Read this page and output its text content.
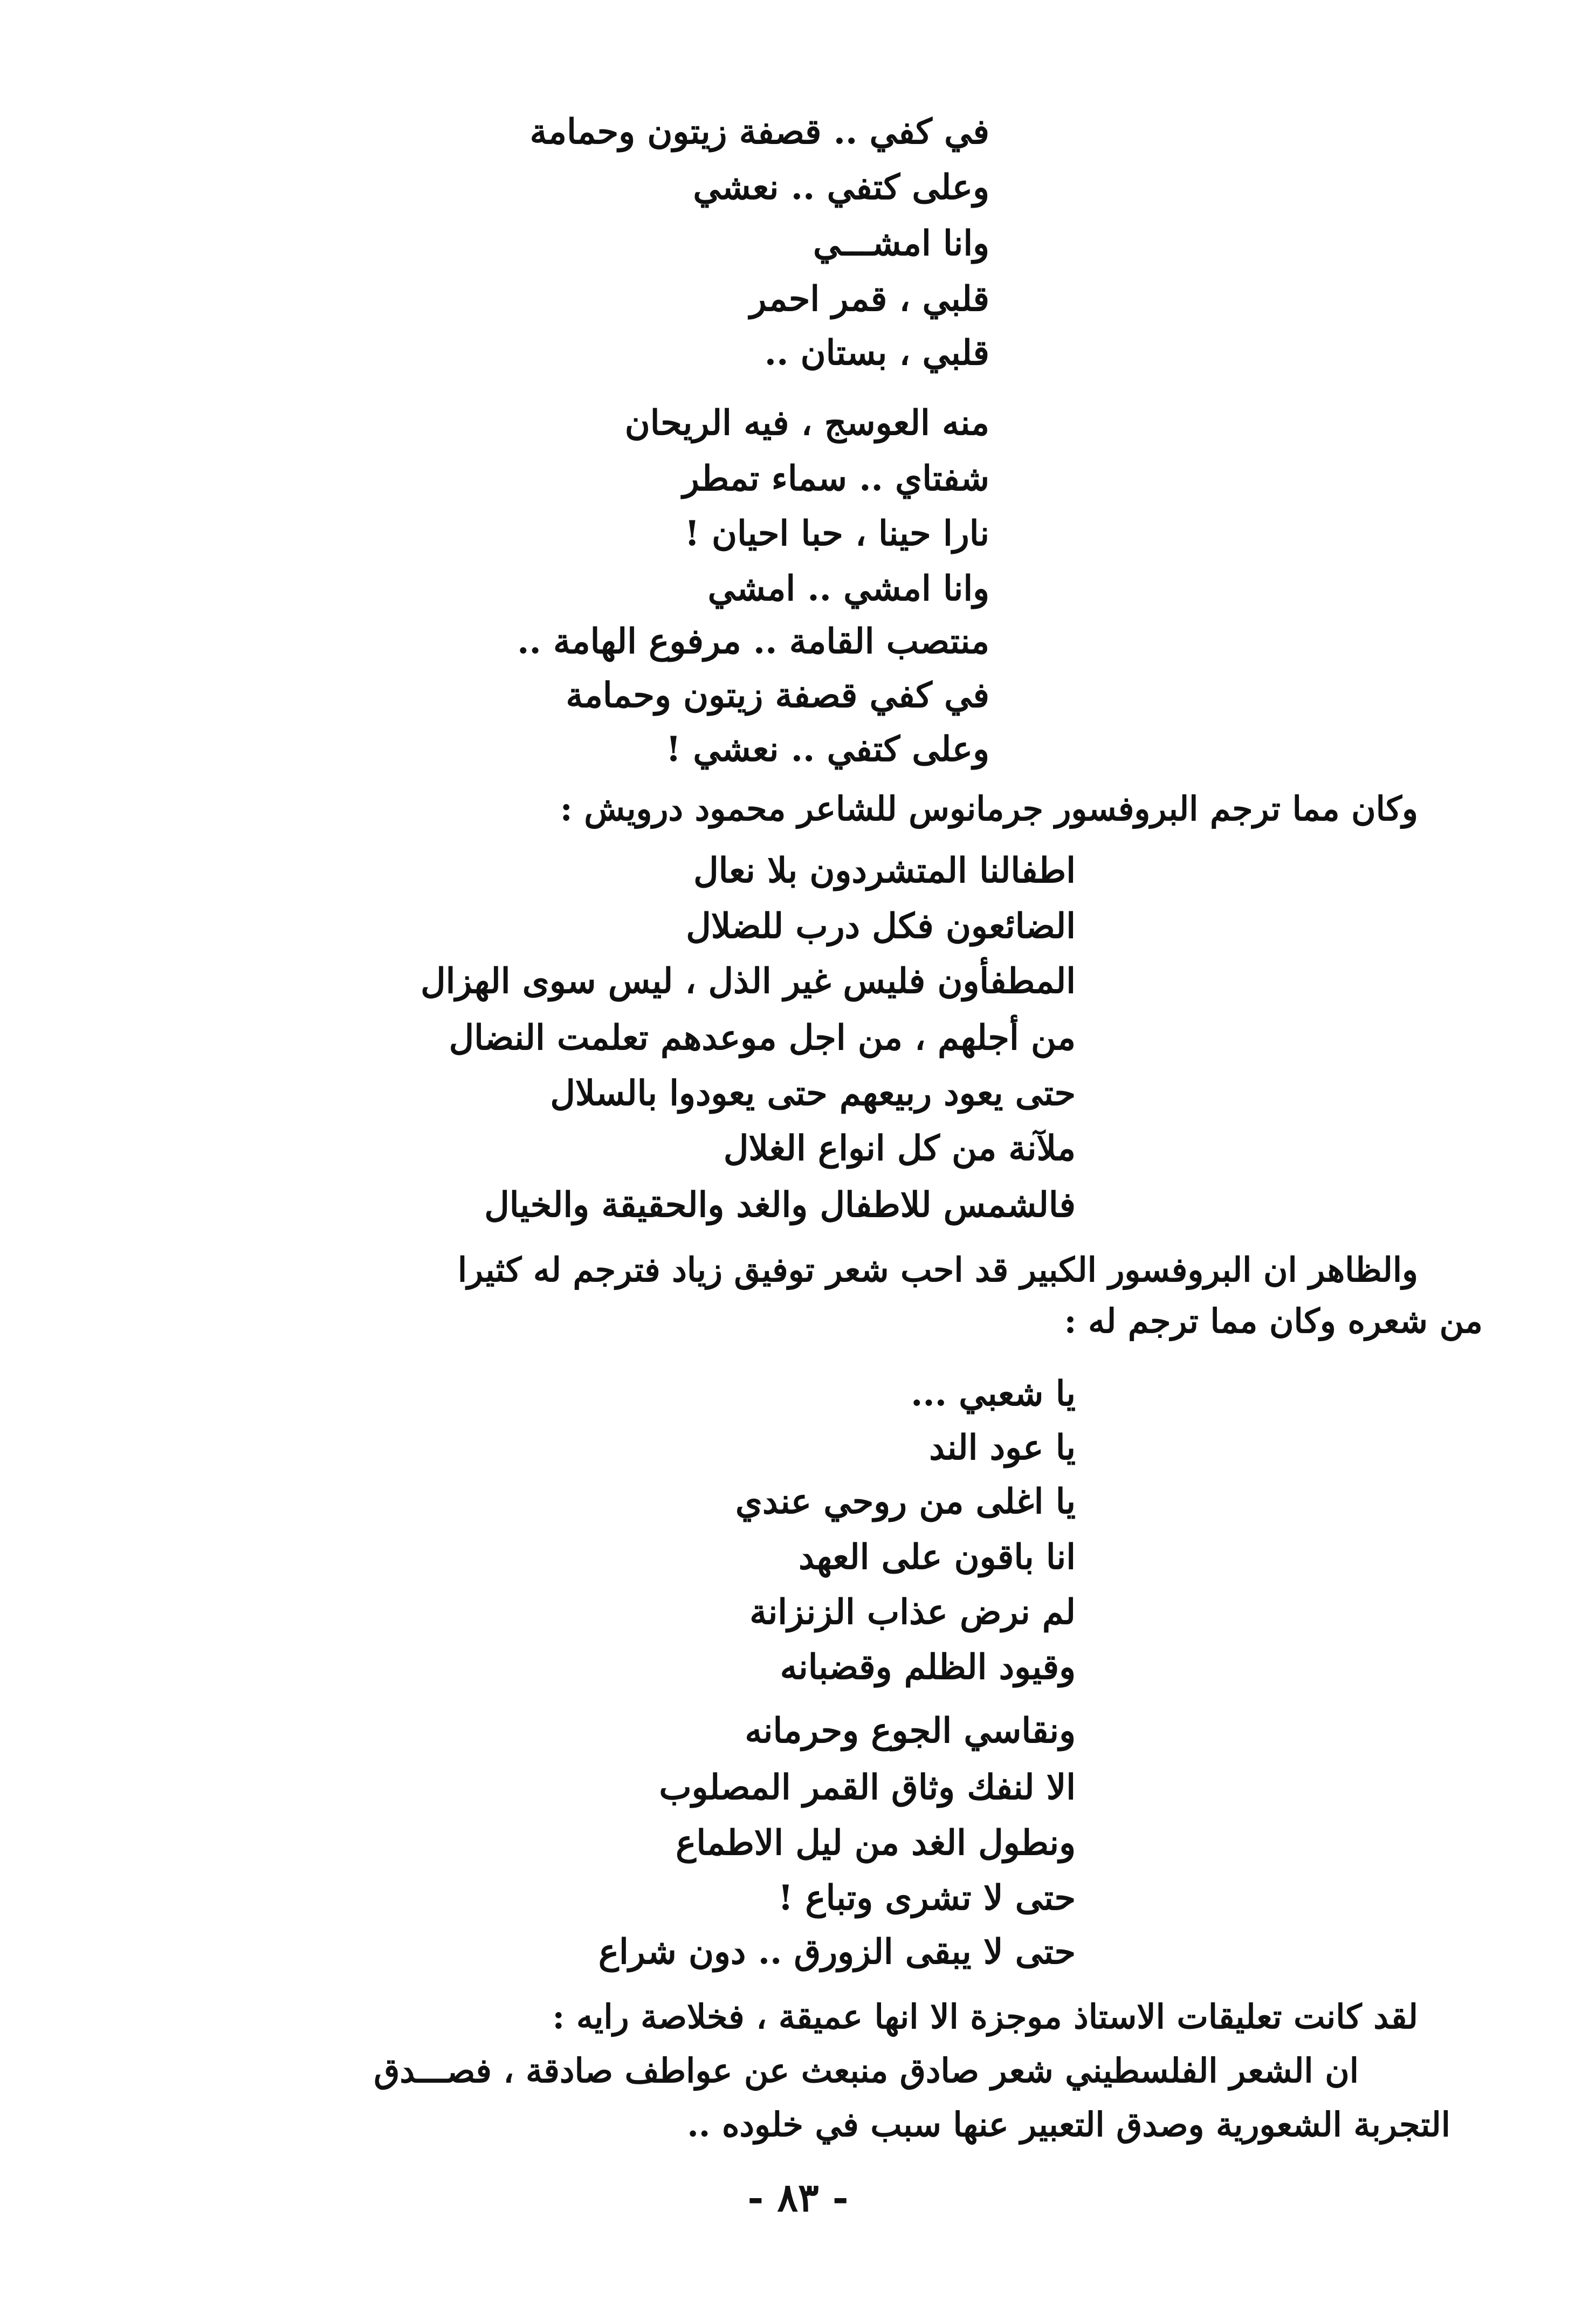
في كفي .. قصفة زيتون وحمامة
وعلى كتفي .. نعشي
وانا امشـــي
قلبي ، قمر احمر
قلبي ، بستان ..
منه العوسج ، فيه الريحان
شفتاي .. سماء تمطر
نارا حينا ، حبا احيان !
وانا امشي .. امشي
منتصب القامة .. مرفوع الهامة ..
في كفي قصفة زيتون وحمامة
وعلى كتفي .. نعشي !
وكان مما ترجم البروفسور جرمانوس للشاعر محمود درويش :
اطفالنا المتشردون بلا نعال
الضائعون فكل درب للضلال
المطفأون فليس غير الذل ، ليس سوى الهزال
من أجلهم ، من اجل موعدهم تعلمت النضال
حتى يعود ربيعهم حتى يعودوا بالسلال
ملآنة من كل انواع الغلال
فالشمس للاطفال والغد والحقيقة والخيال
والظاهر ان البروفسور الكبير قد احب شعر توفيق زياد فترجم له كثيرا
من شعره وكان مما ترجم له :
يا شعبي ...
يا عود الند
يا اغلى من روحي عندي
انا باقون على العهد
لم نرض عذاب الزنزانة
وقيود الظلم وقضبانه
ونقاسي الجوع وحرمانه
الا لنفك وثاق القمر المصلوب
ونطول الغد من ليل الاطماع
حتى لا تشرى وتباع !
حتى لا يبقى الزورق .. دون شراع
لقد كانت تعليقات الاستاذ موجزة الا انها عميقة ، فخلاصة رايه :
ان الشعر الفلسطيني شعر صادق منبعث عن عواطف صادقة ، فصـــدق
التجربة الشعورية وصدق التعبير عنها سبب في خلوده ..
- ٨٣ -
